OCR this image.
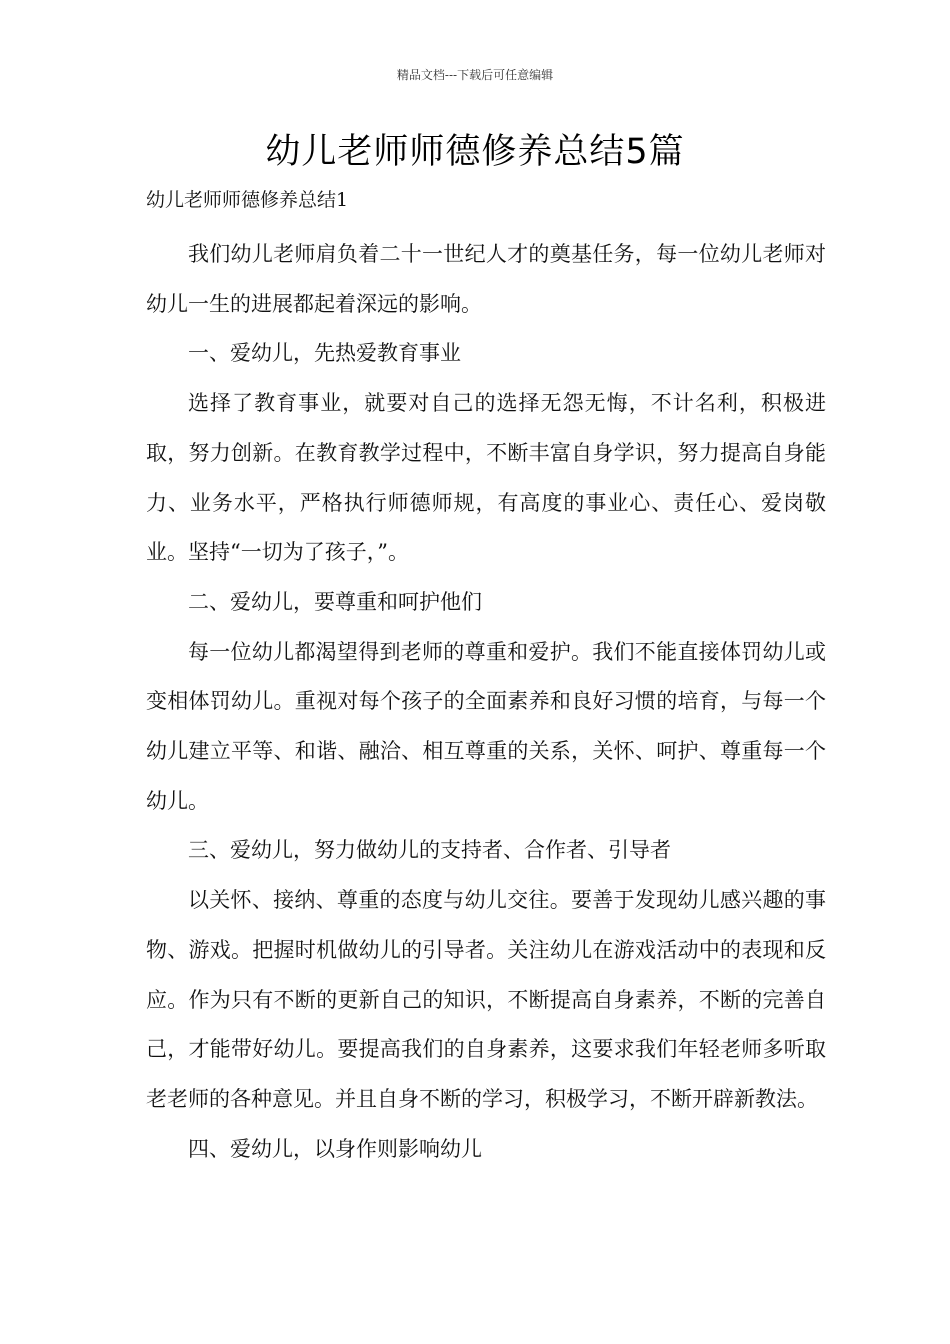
精品文档---下载后可任意编辑
幼儿老师师德修养总结5篇
幼儿老师师德修养总结1

我们幼儿老师肩负着二十一世纪人才的奠基任务，每一位幼儿老师对幼儿一生的进展都起着深远的影响。

一、爱幼儿，先热爱教育事业

选择了教育事业，就要对自己的选择无怨无悔，不计名利，积极进取，努力创新。在教育教学过程中，不断丰富自身学识，努力提高自身能力、业务水平，严格执行师德师规，有高度的事业心、责任心、爱岗敬业。坚持“一切为了孩子，”。

二、爱幼儿，要尊重和呵护他们

每一位幼儿都渴望得到老师的尊重和爱护。我们不能直接体罚幼儿或变相体罚幼儿。重视对每个孩子的全面素养和良好习惯的培育，与每一个幼儿建立平等、和谐、融洽、相互尊重的关系，关怀、呵护、尊重每一个幼儿。

三、爱幼儿，努力做幼儿的支持者、合作者、引导者

以关怀、接纳、尊重的态度与幼儿交往。要善于发现幼儿感兴趣的事物、游戏。把握时机做幼儿的引导者。关注幼儿在游戏活动中的表现和反应。作为只有不断的更新自己的知识，不断提高自身素养，不断的完善自己，才能带好幼儿。要提高我们的自身素养，这要求我们年轻老师多听取老老师的各种意见。并且自身不断的学习，积极学习，不断开辟新教法。

四、爱幼儿，以身作则影响幼儿
